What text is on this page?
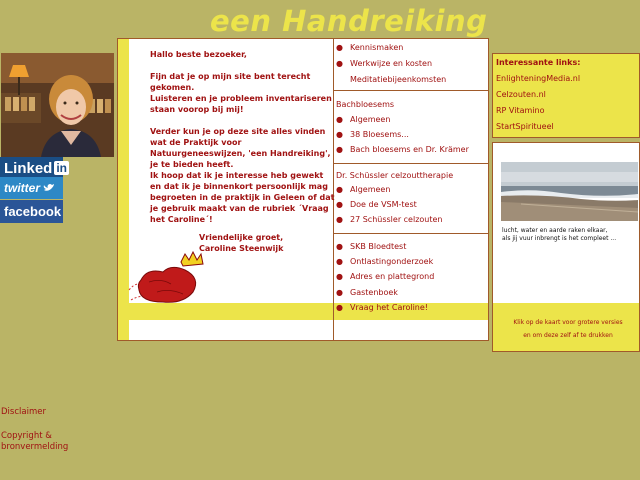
een Handreiking
Linked in
twitter
facebook
Disclaimer
Copyright &
bronvermelding

Hallo beste bezoeker,

Fijn dat je op mijn site bent terecht gekomen.
Luisteren en je probleem inventariseren staan voorop bij mij!

Verder kun je op deze site alles vinden wat de Praktijk voor Natuurgeneeswijzen, 'een Handreiking', je te bieden heeft.
Ik hoop dat ik je interesse heb gewekt en dat ik je binnenkort persoonlijk mag begroeten in de praktijk in Geleen of dat je gebruik maakt van de rubriek ´Vraag het Caroline´!

Vriendelijke groet,
Caroline Steenwijk
● Kennismaken
● Werkwijze en kosten
Meditatiebijeenkomsten
Bachbloesems
● Algemeen
● 38 Bloesems...
● Bach bloesems en Dr. Krämer
Dr. Schüssler celzouttherapie
● Algemeen
● Doe de VSM-test
● 27 Schüssler celzouten
● SKB Bloedtest
● Ontlastingonderzoek
● Adres en plattegrond
● Gastenboek
● Vraag het Caroline!
Interessante links:
EnlighteningMedia.nl
Celzouten.nl
RP Vitamino
StartSpiritueel
lucht, water en aarde raken elkaar,
als jij vuur inbrengt is het compleet ...
Klik op de kaart voor grotere versies
en om deze zelf af te drukken
